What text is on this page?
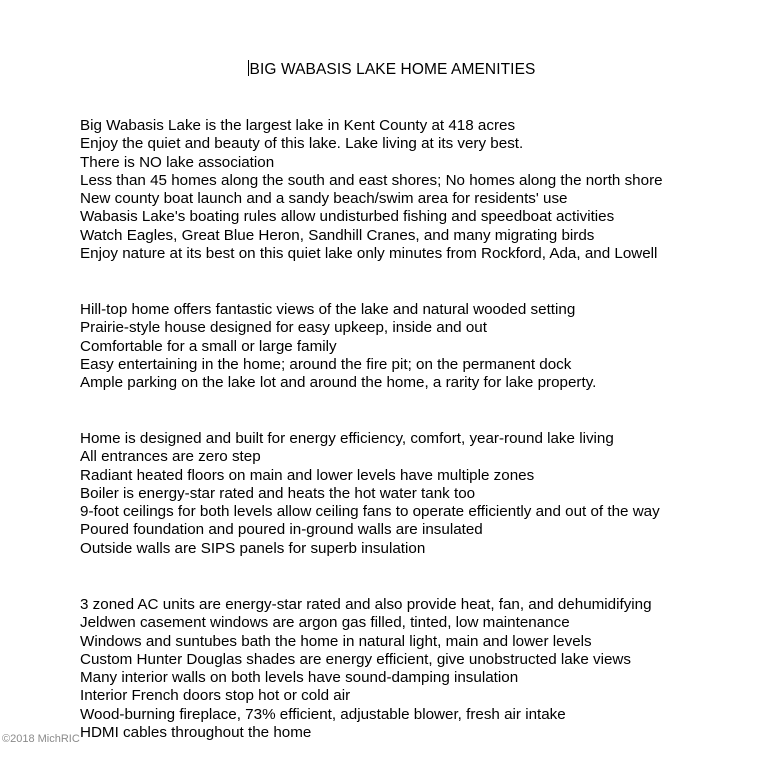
BIG WABASIS LAKE HOME AMENITIES
Big Wabasis Lake is the largest lake in Kent County at 418 acres
Enjoy the quiet and beauty of this lake. Lake living at its very best.
There is NO lake association
Less than 45 homes along the south and east shores; No homes along the north shore
New county boat launch and a sandy beach/swim area for residents' use
Wabasis Lake's boating rules allow undisturbed fishing and speedboat activities
Watch Eagles, Great Blue Heron, Sandhill Cranes, and many migrating birds
Enjoy nature at its best on this quiet lake only minutes from Rockford, Ada, and Lowell
Hill-top home offers fantastic views of the lake and natural wooded setting
Prairie-style house designed for easy upkeep, inside and out
Comfortable for a small or large family
Easy entertaining in the home; around the fire pit; on the permanent dock
Ample parking on the lake lot and around the home, a rarity for lake property.
Home is designed and built for energy efficiency, comfort, year-round lake living
All entrances are zero step
Radiant heated floors on main and lower levels have multiple zones
Boiler is energy-star rated and heats the hot water tank too
9-foot ceilings for both levels allow ceiling fans to operate efficiently and out of the way
Poured foundation and poured in-ground walls are insulated
Outside walls are SIPS panels for superb insulation
3 zoned AC units are energy-star rated and also provide heat, fan, and dehumidifying
Jeldwen casement windows are argon gas filled, tinted, low maintenance
Windows and suntubes bath the home in natural light, main and lower levels
Custom Hunter Douglas shades are energy efficient, give unobstructed lake views
Many interior walls on both levels have sound-damping insulation
Interior French doors stop hot or cold air
Wood-burning fireplace, 73% efficient, adjustable blower, fresh air intake
HDMI cables throughout the home
©2018 MichRIC
